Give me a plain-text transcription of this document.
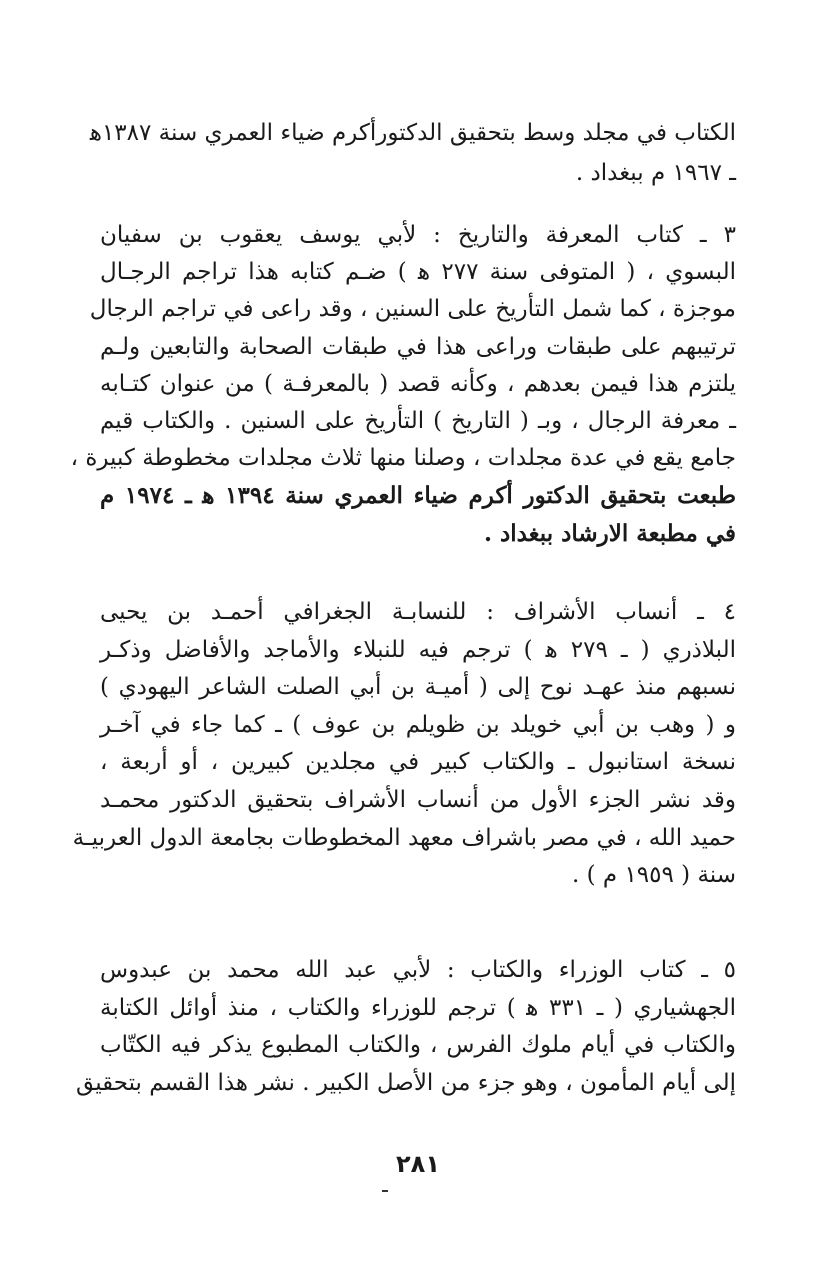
الكتاب في مجلد وسط بتحقيق الدكتورأكرم ضياء العمري سنة ١٣٨٧ﻫ
ـ ١٩٦٧ م ببغداد .
٣ ـ كتاب المعرفة والتاريخ : لأبي يوسف يعقوب بن سفيان
البسوي ، ( المتوفى سنة ٢٧٧ ﻫ ) ضـم كتابه هذا تراجم الرجـال
موجزة ، كما شمل التأريخ على السنين ، وقد راعى في تراجم الرجال
ترتيبهم على طبقات وراعى هذا في طبقات الصحابة والتابعين ولـم
يلتزم هذا فيمن بعدهم ، وكأنه قصد ( بالمعرفـة ) من عنوان كتـابه
ـ معرفة الرجال ، وبـ ( التاريخ ) التأريخ على السنين . والكتاب قيم
جامع يقع في عدة مجلدات ، وصلنا منها ثلاث مجلدات مخطوطة كبيرة ،
طبعت بتحقيق الدكتور أكرم ضياء العمري سنة ١٣٩٤ ﻫ ـ ١٩٧٤ م
في مطبعة الارشاد ببغداد .
٤ ـ أنساب الأشراف : للنسابـة الجغرافي أحمـد بن يحيى
البلاذري ( ـ ٢٧٩ ﻫ ) ترجم فيه للنبلاء والأماجد والأفاضل وذكـر
نسبهم منذ عهـد نوح إلى ( أميـة بن أبي الصلت الشاعر اليهودي )
و ( وهب بن أبي خويلد بن ظويلم بن عوف ) ـ كما جاء في آخـر
نسخة استانبول ـ والكتاب كبير في مجلدين كبيرين ، أو أربعة ،
وقد نشر الجزء الأول من أنساب الأشراف بتحقيق الدكتور محمـد
حميد الله ، في مصر باشراف معهد المخطوطات بجامعة الدول العربيـة
سنة ( ١٩٥٩ م ) .
٥ ـ كتاب الوزراء والكتاب : لأبي عبد الله محمد بن عبدوس
الجهشياري ( ـ ٣٣١ ﻫ ) ترجم للوزراء والكتاب ، منذ أوائل الكتابة
والكتاب في أيام ملوك الفرس ، والكتاب المطبوع يذكر فيه الكتّاب
إلى أيام المأمون ، وهو جزء من الأصل الكبير . نشر هذا القسم بتحقيق
٢٨١
